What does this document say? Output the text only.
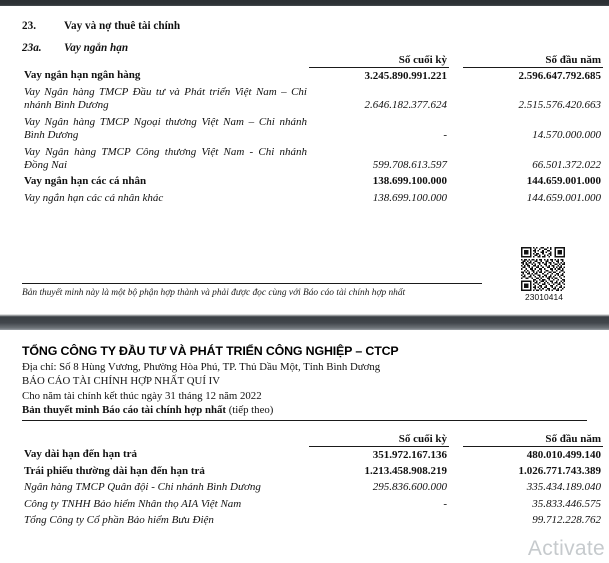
23.	Vay và nợ thuê tài chính
23a.	Vay ngắn hạn
	Số cuối kỳ		Số đầu năm
Vay ngắn hạn ngân hàng	3.245.890.991.221		2.596.647.792.685
Vay Ngân hàng TMCP Đầu tư và Phát triển Việt Nam – Chi nhánh Bình Dương	2.646.182.377.624		2.515.576.420.663
Vay Ngân hàng TMCP Ngoại thương Việt Nam – Chi nhánh Bình Dương	-		14.570.000.000
Vay Ngân hàng TMCP Công thương Việt Nam - Chi nhánh Đồng Nai	599.708.613.597		66.501.372.022
Vay ngắn hạn các cá nhân	138.699.100.000		144.659.001.000
Vay ngắn hạn các cá nhân khác	138.699.100.000		144.659.001.000
Bản thuyết minh này là một bộ phận hợp thành và phải được đọc cùng với Báo cáo tài chính hợp nhất	23010414
TỔNG CÔNG TY ĐẦU TƯ VÀ PHÁT TRIỂN CÔNG NGHIỆP – CTCP
Địa chỉ: Số 8 Hùng Vương, Phường Hòa Phú, TP. Thủ Dầu Một, Tỉnh Bình Dương
BÁO CÁO TÀI CHÍNH HỢP NHẤT QUÍ IV
Cho năm tài chính kết thúc ngày 31 tháng 12 năm 2022
Bản thuyết minh Báo cáo tài chính hợp nhất (tiếp theo)
	Số cuối kỳ		Số đầu năm
Vay dài hạn đến hạn trả	351.972.167.136		480.010.499.140
Trái phiếu thường dài hạn đến hạn trả	1.213.458.908.219		1.026.771.743.389
Ngân hàng TMCP Quân đội - Chi nhánh Bình Dương	295.836.600.000		335.434.189.040
Công ty TNHH Bảo hiểm Nhân thọ AIA Việt Nam	-		35.833.446.575
Tổng Công ty Cổ phần Bảo hiểm Bưu Điện			99.712.228.762
Activate
